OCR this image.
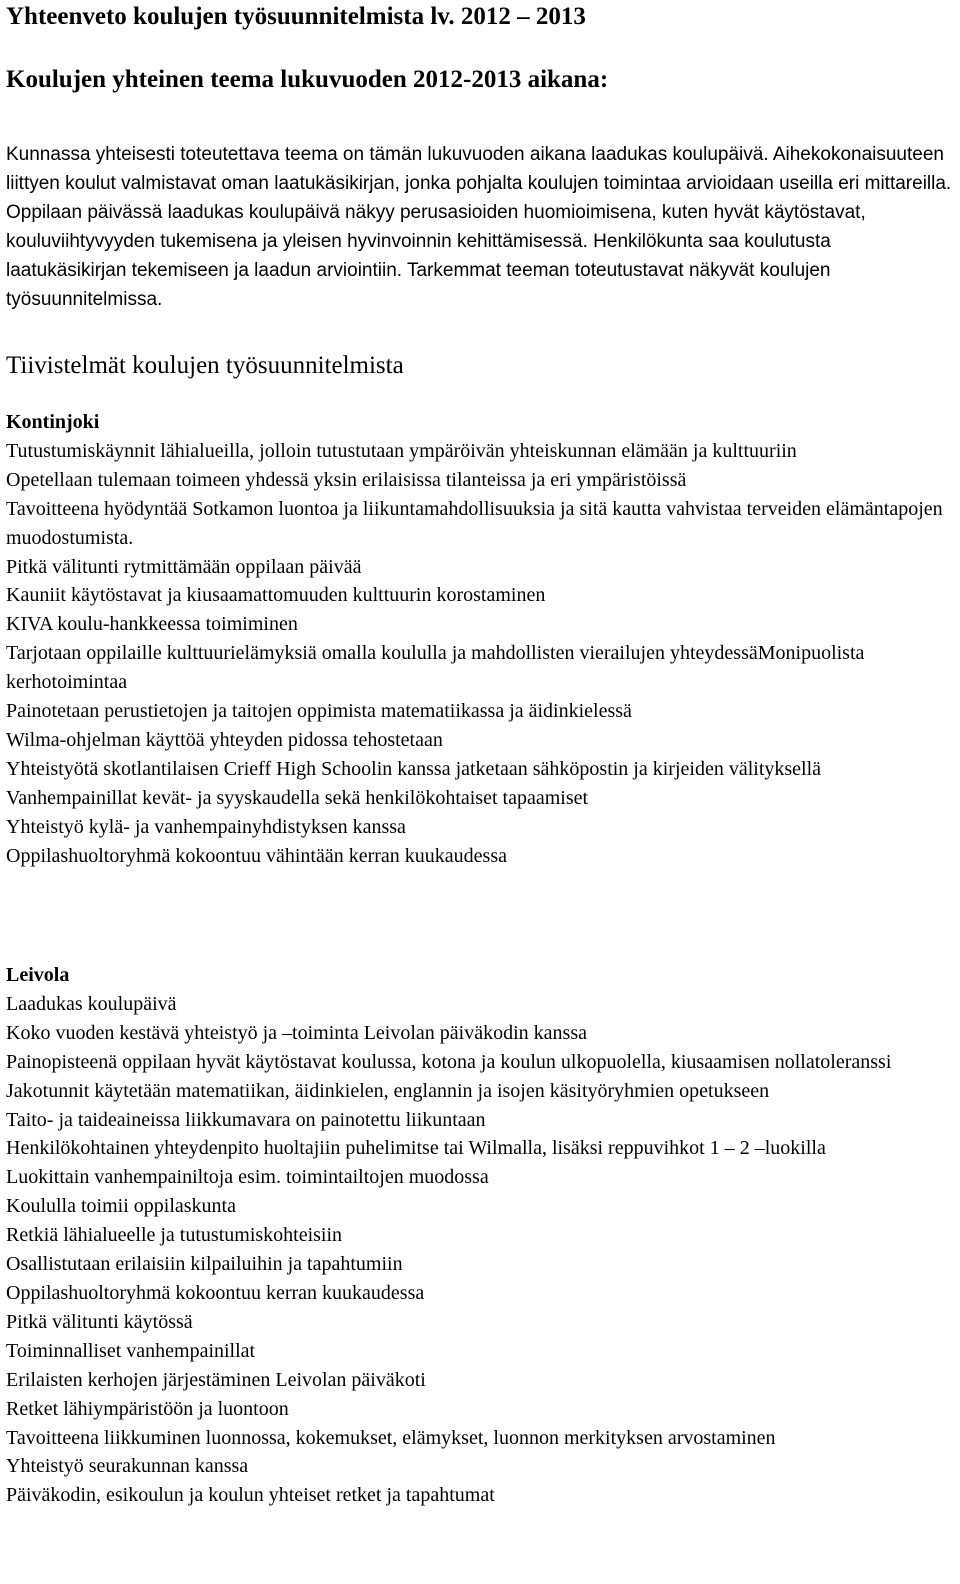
Yhteenveto koulujen työsuunnitelmista lv. 2012 – 2013
Koulujen yhteinen teema lukuvuoden 2012-2013 aikana:

Kunnassa yhteisesti toteutettava teema on tämän lukuvuoden aikana laadukas koulupäivä. Aihekokonaisuuteen liittyen koulut valmistavat oman laatukäsikirjan, jonka pohjalta koulujen toimintaa arvioidaan useilla eri mittareilla. Oppilaan päivässä laadukas koulupäivä näkyy perusasioiden huomioimisena, kuten hyvät käytöstavat, kouluviihtyvyyden tukemisena ja yleisen hyvinvoinnin kehittämisessä. Henkilökunta saa koulutusta laatukäsikirjan tekemiseen ja laadun arviointiin. Tarkemmat teeman toteutustavat näkyvät koulujen työsuunnitelmissa.

Tiivistelmät koulujen työsuunnitelmista
Kontinjoki
Tutustumiskäynnit lähialueilla, jolloin tutustutaan ympäröivän yhteiskunnan elämään ja kulttuuriin
Opetellaan tulemaan toimeen yhdessä yksin erilaisissa tilanteissa ja eri ympäristöissä
Tavoitteena hyödyntää Sotkamon luontoa ja liikuntamahdollisuuksia ja sitä kautta vahvistaa terveiden elämäntapojen muodostumista.
Pitkä välitunti rytmittämään oppilaan päivää
Kauniit käytöstavat ja kiusaamattomuuden kulttuurin korostaminen
KIVA koulu-hankkeessa toimiminen
Tarjotaan oppilaille kulttuurielämyksiä omalla koululla ja mahdollisten vierailujen yhteydessäMonipuolista kerhotoimintaa
Painotetaan perustietojen ja taitojen oppimista matematiikassa ja äidinkielessä
Wilma-ohjelman käyttöä yhteyden pidossa tehostetaan
Yhteistyötä skotlantilaisen Crieff High Schoolin kanssa jatketaan sähköpostin ja kirjeiden välityksellä
Vanhempainillat kevät- ja syyskaudella sekä henkilökohtaiset tapaamiset
Yhteistyö kylä- ja vanhempainyhdistyksen kanssa
Oppilashuoltoryhmä kokoontuu vähintään kerran kuukaudessa
Leivola
Laadukas koulupäivä
Koko vuoden kestävä yhteistyö ja –toiminta Leivolan päiväkodin kanssa
Painopisteenä oppilaan hyvät käytöstavat koulussa, kotona ja koulun ulkopuolella, kiusaamisen nollatoleranssi
Jakotunnit käytetään matematiikan, äidinkielen, englannin ja isojen käsityöryhmien opetukseen
Taito- ja taideaineissa liikkumavara on painotettu liikuntaan
Henkilökohtainen yhteydenpito huoltajiin puhelimitse tai Wilmalla, lisäksi reppuvihkot 1 – 2 –luokilla
Luokittain vanhempainiltoja esim. toimintailtojen muodossa
Koululla toimii oppilaskunta
Retkiä lähialueelle ja tutustumiskohteisiin
Osallistutaan erilaisiin kilpailuihin ja tapahtumiin
Oppilashuoltoryhmä kokoontuu kerran kuukaudessa
Pitkä välitunti käytössä
Toiminnalliset vanhempainillat
Erilaisten kerhojen järjestäminen Leivolan päiväkoti
Retket lähiympäristöön ja luontoon
Tavoitteena liikkuminen luonnossa, kokemukset, elämykset, luonnon merkityksen arvostaminen
Yhteistyö seurakunnan kanssa
Päiväkodin, esikoulun ja koulun yhteiset retket ja tapahtumat
